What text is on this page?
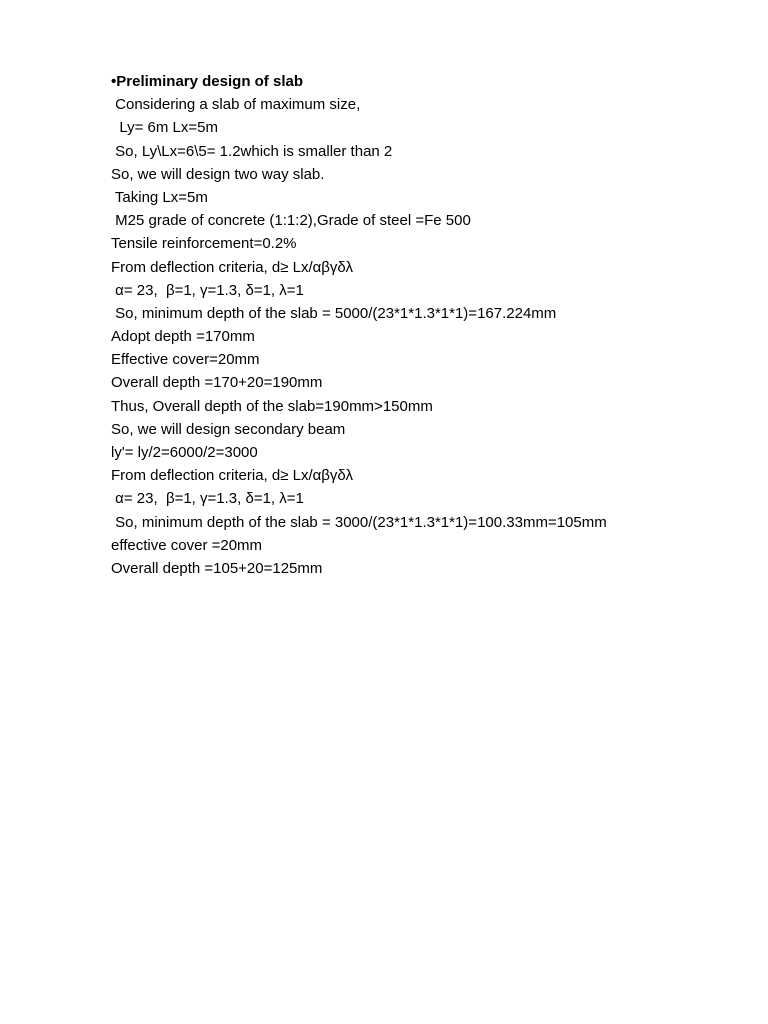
•Preliminary design of slab
Considering a slab of maximum size,
Ly= 6m Lx=5m
So, Ly\Lx=6\5= 1.2which is smaller than 2
So, we will design two way slab.
Taking Lx=5m
M25 grade of concrete (1:1:2),Grade of steel =Fe 500
Tensile reinforcement=0.2%
From deflection criteria, d≥ Lx/αβγδλ
α= 23,  β=1, γ=1.3, δ=1, λ=1
So, minimum depth of the slab = 5000/(23*1*1.3*1*1)=167.224mm
Adopt depth =170mm
Effective cover=20mm
Overall depth =170+20=190mm
Thus, Overall depth of the slab=190mm>150mm
So, we will design secondary beam
ly'= ly/2=6000/2=3000
From deflection criteria, d≥ Lx/αβγδλ
α= 23,  β=1, γ=1.3, δ=1, λ=1
So, minimum depth of the slab = 3000/(23*1*1.3*1*1)=100.33mm=105mm
effective cover =20mm
Overall depth =105+20=125mm
